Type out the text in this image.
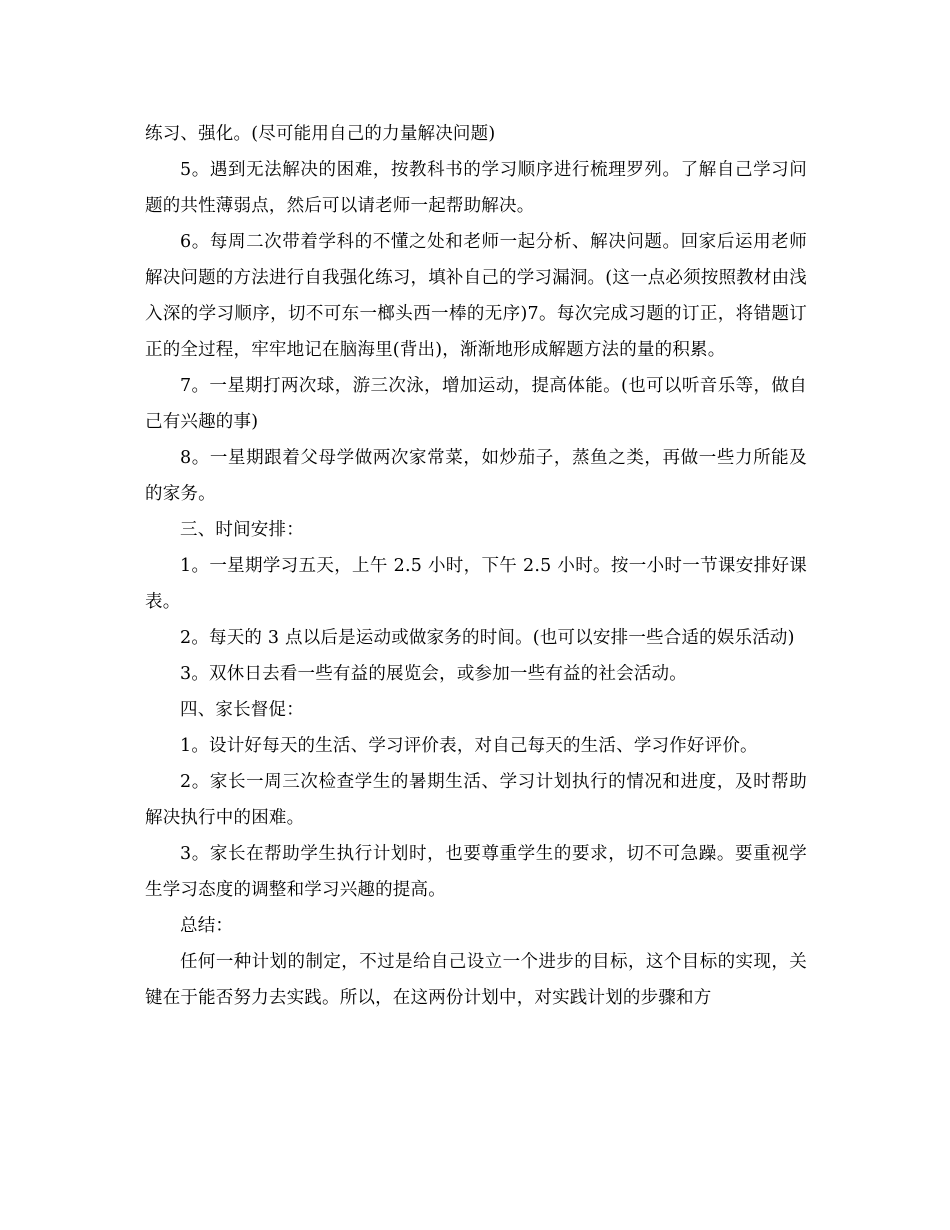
练习、强化。(尽可能用自己的力量解决问题)

5。遇到无法解决的困难，按教科书的学习顺序进行梳理罗列。了解自己学习问题的共性薄弱点，然后可以请老师一起帮助解决。

6。每周二次带着学科的不懂之处和老师一起分析、解决问题。回家后运用老师解决问题的方法进行自我强化练习，填补自己的学习漏洞。(这一点必须按照教材由浅入深的学习顺序，切不可东一榔头西一棒的无序)7。每次完成习题的订正，将错题订正的全过程，牢牢地记在脑海里(背出)，渐渐地形成解题方法的量的积累。

7。一星期打两次球，游三次泳，增加运动，提高体能。(也可以听音乐等，做自己有兴趣的事)

8。一星期跟着父母学做两次家常菜，如炒茄子，蒸鱼之类，再做一些力所能及的家务。

三、时间安排：

1。一星期学习五天，上午 2.5 小时，下午 2.5 小时。按一小时一节课安排好课表。

2。每天的 3 点以后是运动或做家务的时间。(也可以安排一些合适的娱乐活动)

3。双休日去看一些有益的展览会，或参加一些有益的社会活动。

四、家长督促：

1。设计好每天的生活、学习评价表，对自己每天的生活、学习作好评价。

2。家长一周三次检查学生的暑期生活、学习计划执行的情况和进度，及时帮助解决执行中的困难。

3。家长在帮助学生执行计划时，也要尊重学生的要求，切不可急躁。要重视学生学习态度的调整和学习兴趣的提高。

总结：

任何一种计划的制定，不过是给自己设立一个进步的目标，这个目标的实现，关键在于能否努力去实践。所以，在这两份计划中，对实践计划的步骤和方
